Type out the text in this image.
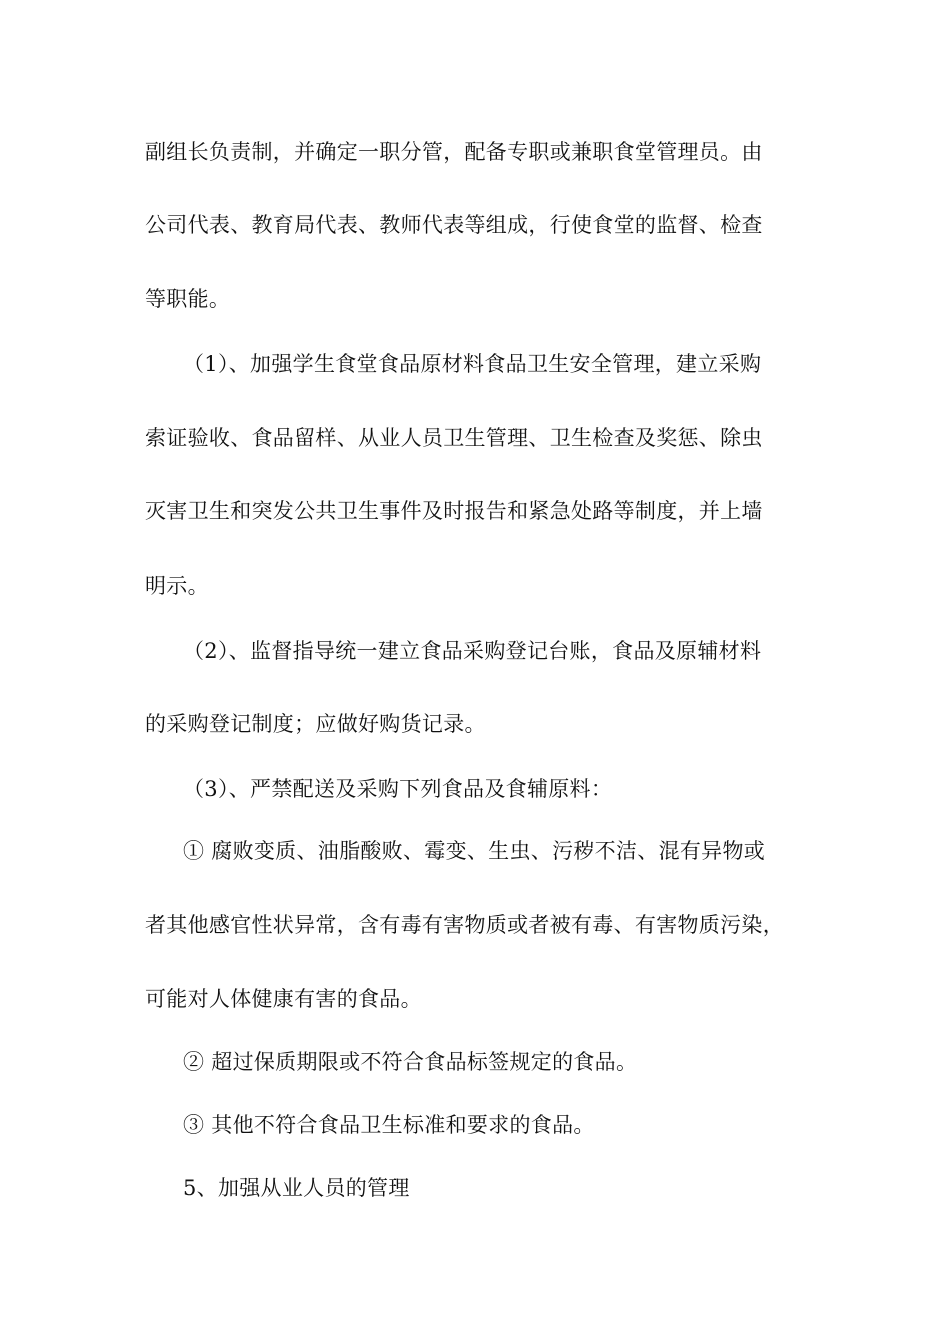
副组长负责制，并确定一职分管，配备专职或兼职食堂管理员。由
公司代表、教育局代表、教师代表等组成，行使食堂的监督、检查
等职能。
（1）、加强学生食堂食品原材料食品卫生安全管理，建立采购
索证验收、食品留样、从业人员卫生管理、卫生检查及奖惩、除虫
灭害卫生和突发公共卫生事件及时报告和紧急处路等制度，并上墙
明示。
（2）、监督指导统一建立食品采购登记台账，食品及原辅材料
的采购登记制度；应做好购货记录。
（3）、严禁配送及采购下列食品及食辅原料：
① 腐败变质、油脂酸败、霉变、生虫、污秽不洁、混有异物或
者其他感官性状异常，含有毒有害物质或者被有毒、有害物质污染，
可能对人体健康有害的食品。
② 超过保质期限或不符合食品标签规定的食品。
③ 其他不符合食品卫生标准和要求的食品。
5、加强从业人员的管理
